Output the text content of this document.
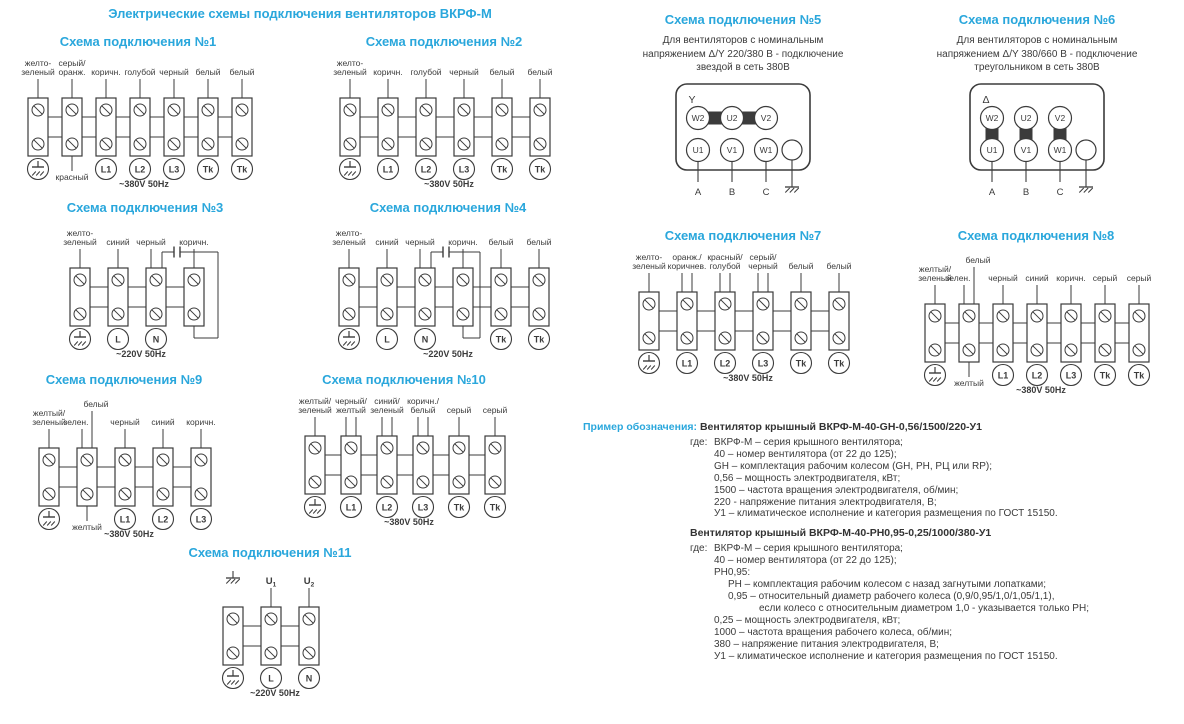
Электрические схемы подключения вентиляторов ВКРФ-М
Схема подключения №1
желто-
зеленый
серый/
оранж.
красный
коричн.
L1
голубой
L2
черный
L3
белый
Tk
белый
Tk
~380V 50Hz
Схема подключения №2
желто-
зеленый коричн.
L1
голубой
L2
черный
L3
белый
Tk
белый
Tk
~380V 50Hz
Схема подключения №5
Для вентиляторов с номинальным
напряжением Δ/Y 220/380 В - подключение
звездой в сеть 380В
Y
W2
U1
A
U2
V1
B
V2
W1
C
Схема подключения №6
Для вентиляторов с номинальным
напряжением Δ/Y 380/660 В - подключение
треугольником в сеть 380В
Δ
W2
U1
A
U2
V1
B
V2
W1
C
Схема подключения №3
желто-
зеленый синий
L
черный
N
коричн.
~220V 50Hz
Схема подключения №4
желто-
зеленый синий
L
черный
N
коричн. белый
Tk
белый
Tk
~220V 50Hz
Схема подключения №7
желто-
зеленый
оранж./
коричнев.
L1
красный/
голубой
L2
серый/
черный
L3
белый
Tk
белый
Tk
~380V 50Hz
Схема подключения №8
желтый/
зеленый
зелен.
белый
желтый
черный
L1
синий
L2
коричн.
L3
серый
Tk
серый
Tk
~380V 50Hz
Схема подключения №9
желтый/
зеленый
зелен.
белый
желтый
черный
L1
синий
L2
коричн.
L3
~380V 50Hz
Схема подключения №10
желтый/
зеленый
черный/
желтый
L1
синий/
зеленый
L2
коричн./
белый
L3
серый
Tk
серый
Tk
~380V 50Hz
Схема подключения №11
$U_1$
L
$U_2$
N
~220V 50Hz
Пример обозначения: Вентилятор крышный ВКРФ-М-40-GH-0,56/1500/220-У1
где: ВКРФ-М – серия крышного вентилятора;
40 – номер вентилятора (от 22 до 125);
GH – комплектация рабочим колесом (GH, PH, РЦ или RP);
0,56 – мощность электродвигателя, кВт;
1500 – частота вращения электродвигателя, об/мин;
220 - напряжение питания электродвигателя, В;
У1 – климатическое исполнение и категория размещения по ГОСТ 15150.
Вентилятор крышный ВКРФ-М-40-РН0,95-0,25/1000/380-У1
где: ВКРФ-М – серия крышного вентилятора;
40 – номер вентилятора (от 22 до 125);
РН0,95:
РН – комплектация рабочим колесом с назад загнутыми лопатками;
0,95 – относительный диаметр рабочего колеса (0,9/0,95/1,0/1,05/1,1),
если колесо с относительным диаметром 1,0 - указывается только РН;
0,25 – мощность электродвигателя, кВт;
1000 – частота вращения рабочего колеса, об/мин;
380 – напряжение питания электродвигателя, В;
У1 – климатическое исполнение и категория размещения по ГОСТ 15150.
